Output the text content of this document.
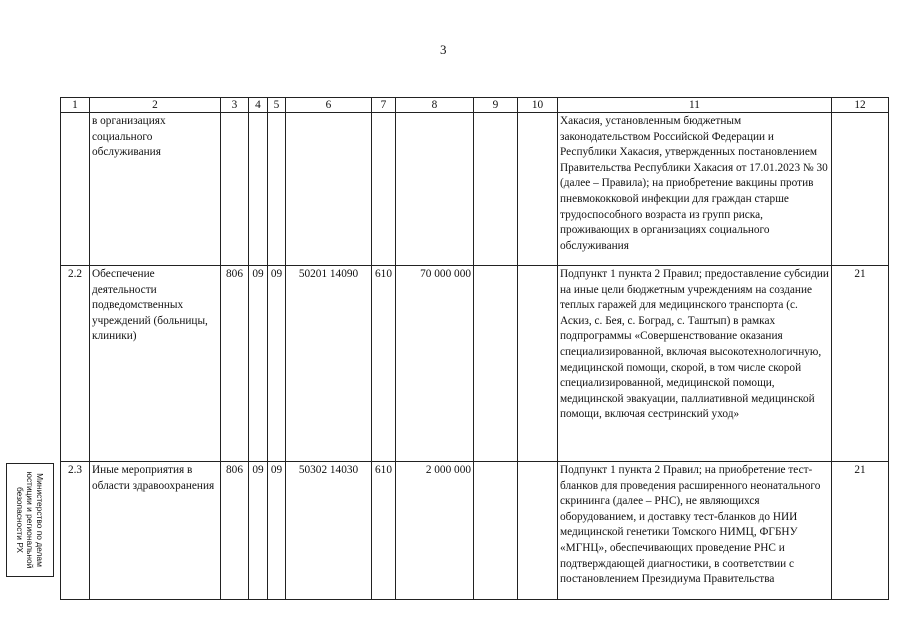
3
1	2	3	4	5	6	7	8	9	10	11	12
	в организациях социального обслуживания									Хакасия, установленным бюджетным законодательством Российской Федерации и Республики Хакасия, утвержденных постановлением Правительства Республики Хакасия от 17.01.2023 № 30 (далее – Правила); на приобретение вакцины против пневмококковой инфекции для граждан старше трудоспособного возраста из групп риска, проживающих в организациях социального обслуживания	
2.2	Обеспечение деятельности подведомственных учреждений (больницы, клиники)	806	09	09	50201 14090	610	70 000 000			Подпункт 1 пункта 2 Правил; предоставление субсидии на иные цели бюджетным учреждениям на создание теплых гаражей для медицинского транспорта (с. Аскиз, с. Бея, с. Боград, с. Таштып) в рамках подпрограммы «Совершенствование оказания специализированной, включая высокотехнологичную, медицинской помощи, скорой, в том числе скорой специализированной, медицинской помощи, медицинской эвакуации, паллиативной медицинской помощи, включая сестринский уход»	21
2.3	Иные мероприятия в области здравоохранения	806	09	09	50302 14030	610	2 000 000			Подпункт 1 пункта 2 Правил; на приобретение тест-бланков для проведения расширенного неонатального скрининга (далее – РНС), не являющихся оборудованием, и доставку тест-бланков до НИИ медицинской генетики Томского НИМЦ, ФГБНУ «МГНЦ», обеспечивающих проведение РНС и подтверждающей диагностики, в соответствии с постановлением Президиума Правительства	21
Министерство по делам юстиции и региональной безопасности РХ
